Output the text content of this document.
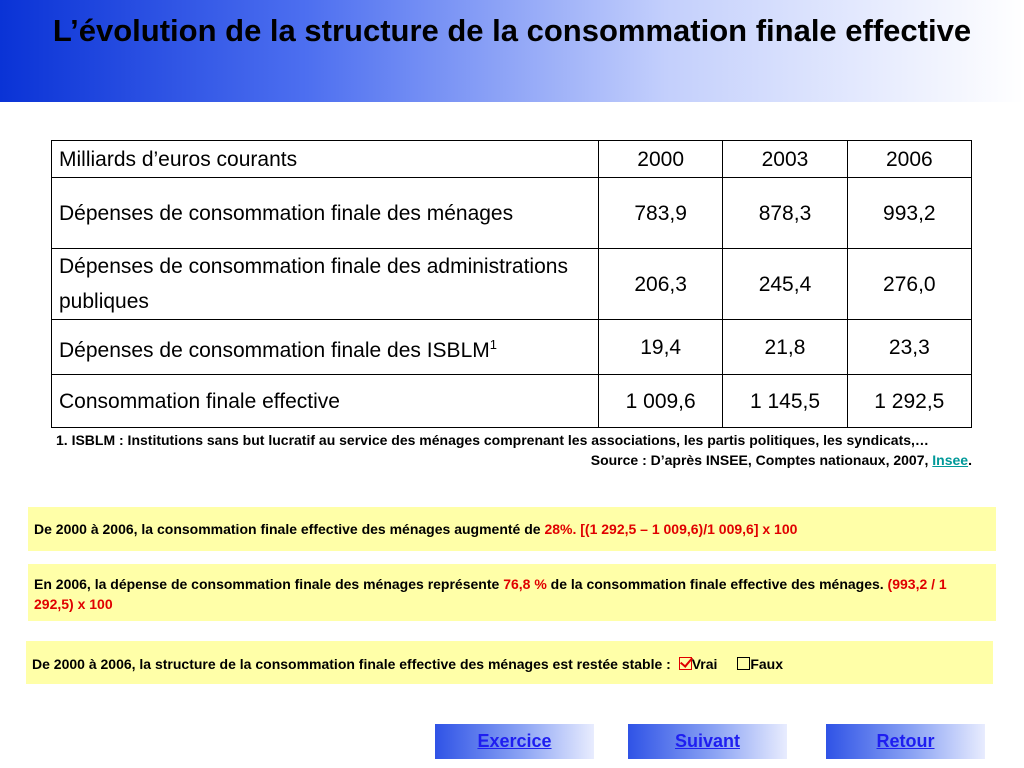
L’évolution de la structure de la consommation finale effective
Milliards d’euros courants	2000	2003	2006
Dépenses de consommation finale des ménages	783,9	878,3	993,2
Dépenses de consommation finale des administrations publiques	206,3	245,4	276,0
Dépenses de consommation finale des ISBLM$^1$	19,4	21,8	23,3
Consommation finale effective	1 009,6	1 145,5	1 292,5
1. ISBLM : Institutions sans but lucratif au service des ménages comprenant les associations, les partis politiques, les syndicats,…
Source : D’après INSEE, Comptes nationaux, 2007, Insee.
De 2000 à 2006, la consommation finale effective des ménages augmenté de 28%. [(1 292,5 – 1 009,6)/1 009,6] x 100
En 2006, la dépense de consommation finale des ménages représente 76,8 % de la consommation finale effective des ménages. (993,2 / 1 292,5) x 100
De 2000 à 2006, la structure de la consommation finale effective des ménages est restée stable : Vrai Faux
Exercice	Suivant	Retour
